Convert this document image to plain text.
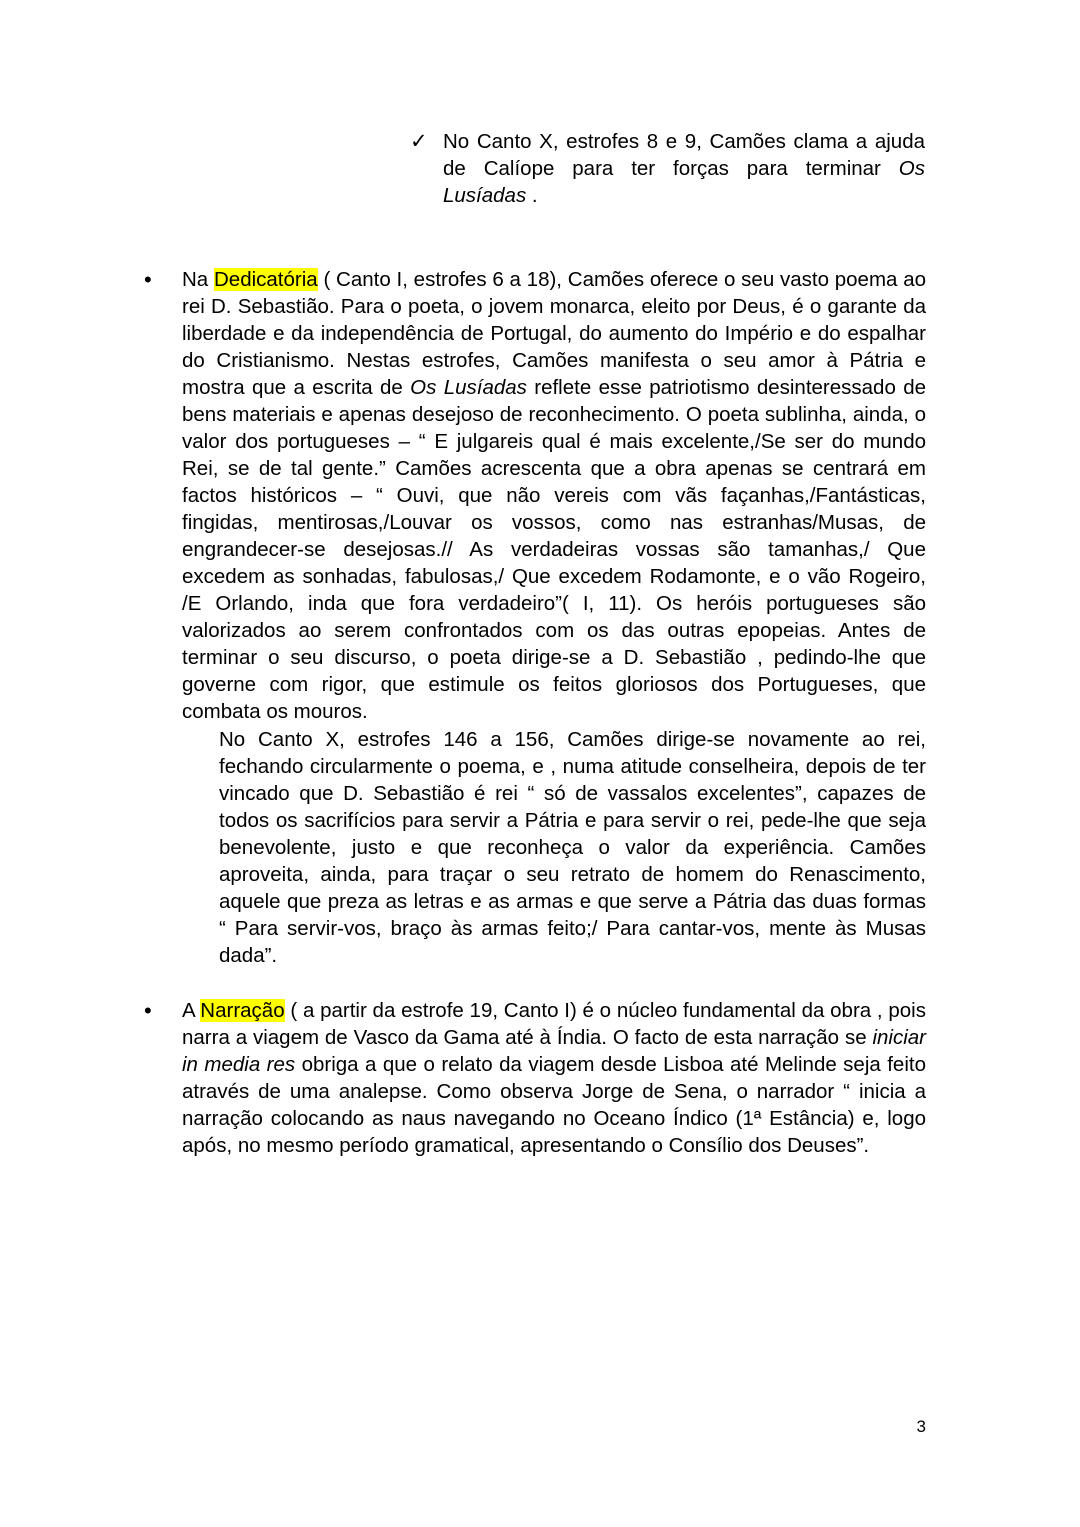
✓ No Canto X, estrofes 8 e 9, Camões clama a ajuda de Calíope para ter forças para terminar Os Lusíadas .

•	Na Dedicatória ( Canto I, estrofes 6 a 18), Camões oferece o seu vasto poema ao rei D. Sebastião. Para o poeta, o jovem monarca, eleito por Deus, é o garante da liberdade e da independência de Portugal, do aumento do Império e do espalhar do Cristianismo. Nestas estrofes, Camões manifesta o seu amor à Pátria e mostra que a escrita de Os Lusíadas reflete esse patriotismo desinteressado de bens materiais e apenas desejoso de reconhecimento. O poeta sublinha, ainda, o valor dos portugueses – “ E julgareis qual é mais excelente,/Se ser do mundo Rei, se de tal gente.” Camões acrescenta que a obra apenas se centrará em factos históricos – “ Ouvi, que não vereis com vãs façanhas,/Fantásticas, fingidas, mentirosas,/Louvar os vossos, como nas estranhas/Musas, de engrandecer-se desejosas.// As verdadeiras vossas são tamanhas,/ Que excedem as sonhadas, fabulosas,/ Que excedem Rodamonte, e o vão Rogeiro, /E Orlando, inda que fora verdadeiro”( I, 11). Os heróis portugueses são valorizados ao serem confrontados com os das outras epopeias. Antes de terminar o seu discurso, o poeta dirige-se a D. Sebastião , pedindo-lhe que governe com rigor, que estimule os feitos gloriosos dos Portugueses, que combata os mouros.

No Canto X, estrofes 146 a 156, Camões dirige-se novamente ao rei, fechando circularmente o poema, e , numa atitude conselheira, depois de ter vincado que D. Sebastião é rei “ só de vassalos excelentes”, capazes de todos os sacrifícios para servir a Pátria e para servir o rei, pede-lhe que seja benevolente, justo e que reconheça o valor da experiência. Camões aproveita, ainda, para traçar o seu retrato de homem do Renascimento, aquele que preza as letras e as armas e que serve a Pátria das duas formas “ Para servir-vos, braço às armas feito;/ Para cantar-vos, mente às Musas dada”.

•	A Narração ( a partir da estrofe 19, Canto I) é o núcleo fundamental da obra , pois narra a viagem de Vasco da Gama até à Índia. O facto de esta narração se iniciar in media res obriga a que o relato da viagem desde Lisboa até Melinde seja feito através de uma analepse. Como observa Jorge de Sena, o narrador “ inicia a narração colocando as naus navegando no Oceano Índico (1ª Estância) e, logo após, no mesmo período gramatical, apresentando o Consílio dos Deuses”.

3
